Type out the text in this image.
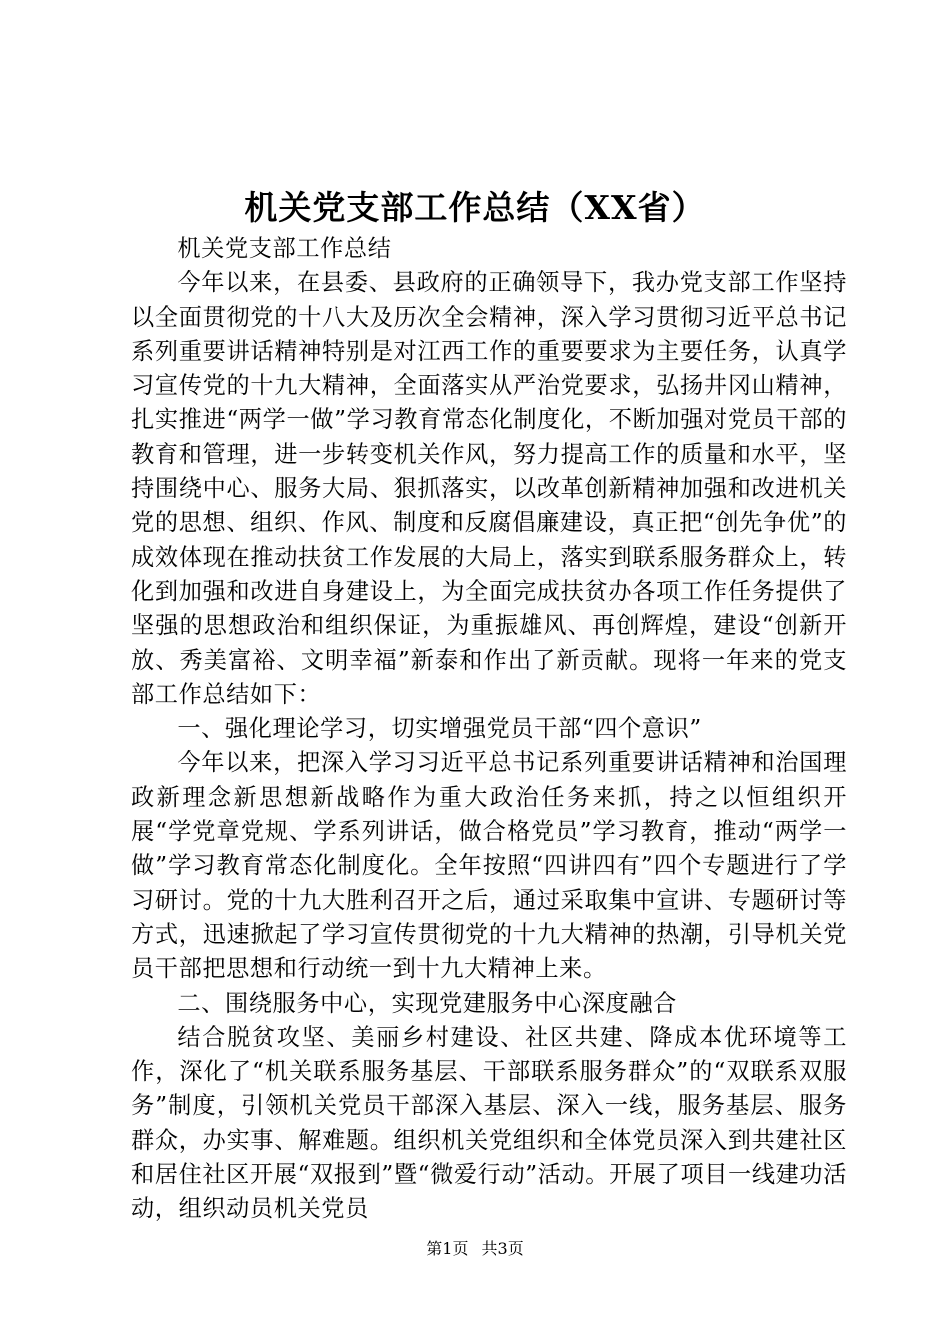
机关党支部工作总结（XX省）

机关党支部工作总结

今年以来，在县委、县政府的正确领导下，我办党支部工作坚持以全面贯彻党的十八大及历次全会精神，深入学习贯彻习近平总书记系列重要讲话精神特别是对江西工作的重要要求为主要任务，认真学习宣传党的十九大精神，全面落实从严治党要求，弘扬井冈山精神，扎实推进“两学一做”学习教育常态化制度化，不断加强对党员干部的教育和管理，进一步转变机关作风，努力提高工作的质量和水平，坚持围绕中心、服务大局、狠抓落实，以改革创新精神加强和改进机关党的思想、组织、作风、制度和反腐倡廉建设，真正把“创先争优”的成效体现在推动扶贫工作发展的大局上，落实到联系服务群众上，转化到加强和改进自身建设上，为全面完成扶贫办各项工作任务提供了坚强的思想政治和组织保证，为重振雄风、再创辉煌，建设“创新开放、秀美富裕、文明幸福”新泰和作出了新贡献。现将一年来的党支部工作总结如下：

一、强化理论学习，切实增强党员干部“四个意识”

今年以来，把深入学习习近平总书记系列重要讲话精神和治国理政新理念新思想新战略作为重大政治任务来抓，持之以恒组织开展“学党章党规、学系列讲话，做合格党员”学习教育，推动“两学一做”学习教育常态化制度化。全年按照“四讲四有”四个专题进行了学习研讨。党的十九大胜利召开之后，通过采取集中宣讲、专题研讨等方式，迅速掀起了学习宣传贯彻党的十九大精神的热潮，引导机关党员干部把思想和行动统一到十九大精神上来。

二、围绕服务中心，实现党建服务中心深度融合

结合脱贫攻坚、美丽乡村建设、社区共建、降成本优环境等工作，深化了“机关联系服务基层、干部联系服务群众”的“双联系双服务”制度，引领机关党员干部深入基层、深入一线，服务基层、服务群众，办实事、解难题。组织机关党组织和全体党员深入到共建社区和居住社区开展“双报到”暨“微爱行动”活动。开展了项目一线建功活动，组织动员机关党员

第1页 共3页
